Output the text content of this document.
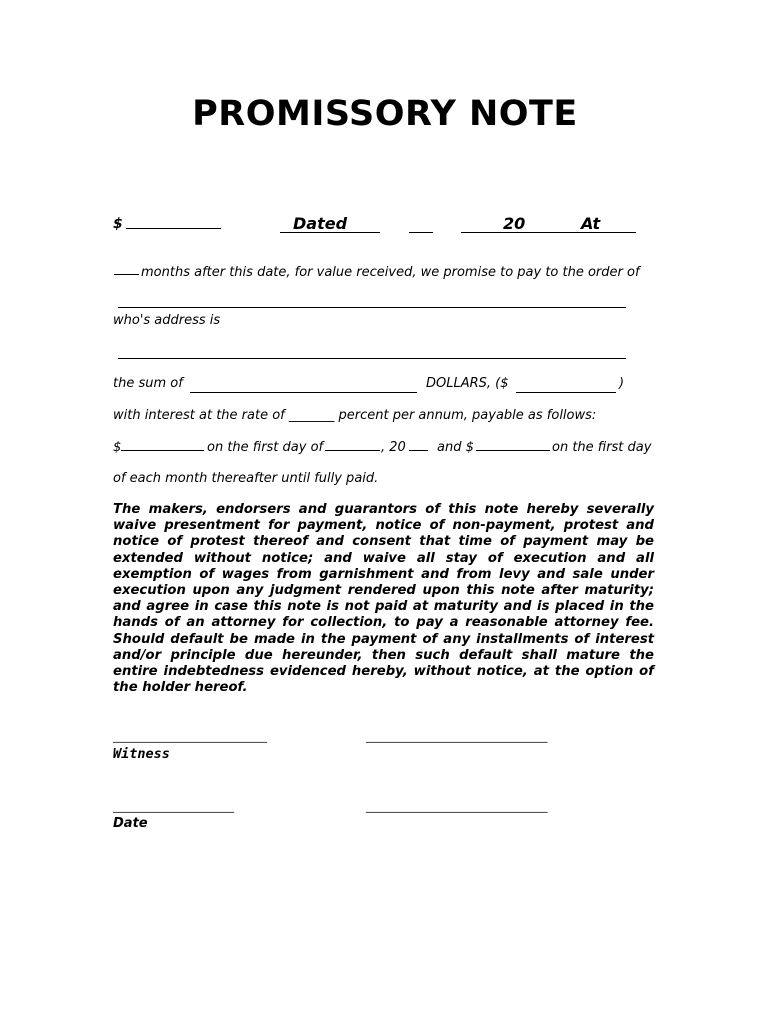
PROMISSORY NOTE
$	Dated	20	At
months after this date, for value received, we promise to pay to the order of
who's address is
the sum of	DOLLARS, ($	)
with interest at the rate of _______ percent per annum, payable as follows:
$	on the first day of	, 20 and $	on the first day
of each month thereafter until fully paid.
The makers, endorsers and guarantors of this note hereby severally waive presentment for payment, notice of non-payment, protest and notice of protest thereof and consent that time of payment may be extended without notice; and waive all stay of execution and all exemption of wages from garnishment and from levy and sale under execution upon any judgment rendered upon this note after maturity; and agree in case this note is not paid at maturity and is placed in the hands of an attorney for collection, to pay a reasonable attorney fee. Should default be made in the payment of any installments of interest and/or principle due hereunder, then such default shall mature the entire indebtedness evidenced hereby, without notice, at the option of the holder hereof.
____________________________	_________________________________
Witness
______________________	_________________________________
Date
